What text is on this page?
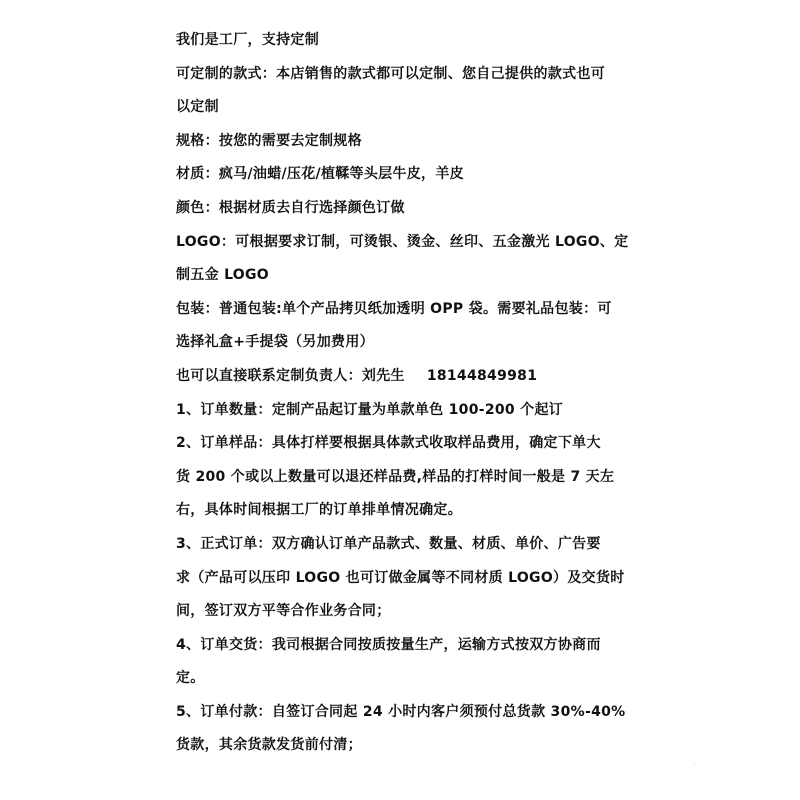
我们是工厂，支持定制
可定制的款式：本店销售的款式都可以定制、您自己提供的款式也可
以定制
规格：按您的需要去定制规格
材质：疯马/油蜡/压花/植鞣等头层牛皮，羊皮
颜色：根据材质去自行选择颜色订做
LOGO：可根据要求订制，可烫银、烫金、丝印、五金激光 LOGO、定
制五金 LOGO
包装：普通包装:单个产品拷贝纸加透明 OPP 袋。需要礼品包装：可
选择礼盒+手提袋（另加费用）
也可以直接联系定制负责人：刘先生 18144849981
1、订单数量：定制产品起订量为单款单色 100-200 个起订
2、订单样品：具体打样要根据具体款式收取样品费用，确定下单大
货 200 个或以上数量可以退还样品费,样品的打样时间一般是 7 天左
右，具体时间根据工厂的订单排单情况确定。
3、正式订单：双方确认订单产品款式、数量、材质、单价、广告要
求（产品可以压印 LOGO 也可订做金属等不同材质 LOGO）及交货时
间，签订双方平等合作业务合同；
4、订单交货：我司根据合同按质按量生产，运输方式按双方协商而
定。
5、订单付款：自签订合同起 24 小时内客户须预付总货款 30%-40%
货款，其余货款发货前付清；
◦
·
